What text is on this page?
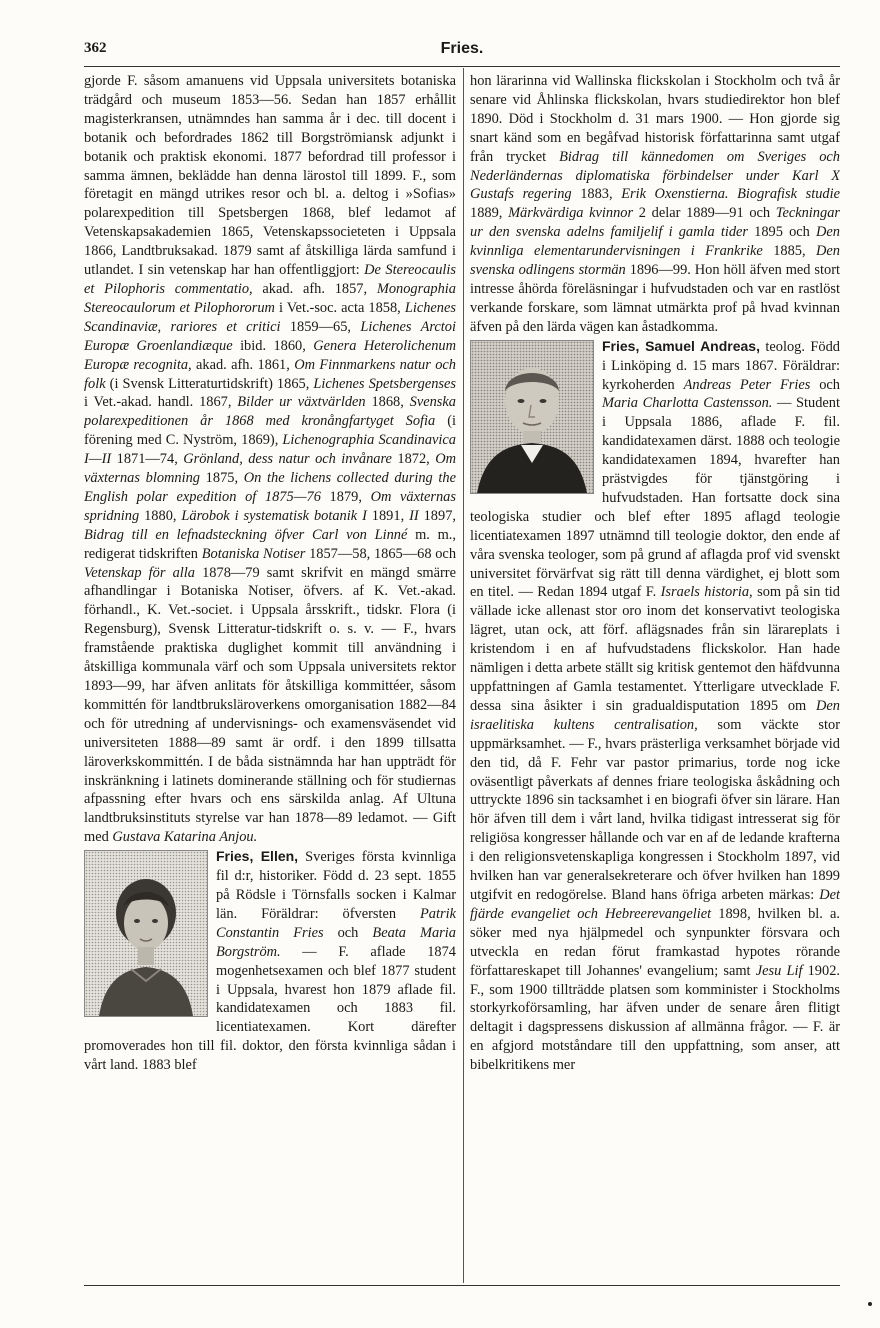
362	Fries.

gjorde F. såsom amanuens vid Uppsala universitets botaniska trädgård och museum 1853—56. Sedan han 1857 erhållit magisterkransen, utnämndes han samma år i dec. till docent i botanik och befordrades 1862 till Borgströmiansk adjunkt i botanik och praktisk ekonomi. 1877 befordrad till professor i samma ämnen, beklädde han denna lärostol till 1899. F., som företagit en mängd utrikes resor och bl. a. deltog i »Sofias» polarexpedition till Spetsbergen 1868, blef ledamot af Vetenskapsakademien 1865, Vetenskapssocieteten i Uppsala 1866, Landtbruksakad. 1879 samt af åtskilliga lärda samfund i utlandet. I sin vetenskap har han offentliggjort: De Stereocaulis et Pilophoris commentatio, akad. afh. 1857, Monographia Stereocaulorum et Pilophororum i Vet.-soc. acta 1858, Lichenes Scandinaviæ, rariores et critici 1859—65, Lichenes Arctoi Europæ Groenlandiæque ibid. 1860, Genera Heterolichenum Europæ recognita, akad. afh. 1861, Om Finnmarkens natur och folk (i Svensk Litteraturtidskrift) 1865, Lichenes Spetsbergenses i Vet.-akad. handl. 1867, Bilder ur växtvärlden 1868, Svenska polarexpeditionen år 1868 med kronångfartyget Sofia (i förening med C. Nyström, 1869), Lichenographia Scandinavica I—II 1871—74, Grönland, dess natur och invånare 1872, Om växternas blomning 1875, On the lichens collected during the English polar expedition of 1875—76 1879, Om växternas spridning 1880, Lärobok i systematisk botanik I 1891, II 1897, Bidrag till en lefnadsteckning öfver Carl von Linné m. m., redigerat tidskriften Botaniska Notiser 1857—58, 1865—68 och Vetenskap för alla 1878—79 samt skrifvit en mängd smärre afhandlingar i Botaniska Notiser, öfvers. af K. Vet.-akad. förhandl., K. Vet.-societ. i Uppsala årsskrift., tidskr. Flora (i Regensburg), Svensk Litteratur-tidskrift o. s. v. — F., hvars framstående praktiska duglighet kommit till användning i åtskilliga kommunala värf och som Uppsala universitets rektor 1893—99, har äfven anlitats för åtskilliga kommittéer, såsom kommittén för landtbruksläroverkens omorganisation 1882—84 och för utredning af undervisnings- och examensväsendet vid universiteten 1888—89 samt är ordf. i den 1899 tillsatta läroverkskommittén. I de båda sistnämnda har han uppträdt för inskränkning i latinets dominerande ställning och för studiernas afpassning efter hvars och ens särskilda anlag. Af Ultuna landtbruksinstituts styrelse var han 1878—89 ledamot. — Gift med Gustava Katarina Anjou.

Fries, Ellen, Sveriges första kvinnliga fil d:r, historiker. Född d. 23 sept. 1855 på Rödsle i Törnsfalls socken i Kalmar län. Föräldrar: öfversten Patrik Constantin Fries och Beata Maria Borgström. — F. aflade 1874 mogenhetsexamen och blef 1877 student i Uppsala, hvarest hon 1879 aflade fil. kandidatexamen och 1883 fil. licentiatexamen. Kort därefter promoverades hon till fil. doktor, den första kvinnliga sådan i vårt land. 1883 blef

hon lärarinna vid Wallinska flickskolan i Stockholm och två år senare vid Åhlinska flickskolan, hvars studiedirektor hon blef 1890. Död i Stockholm d. 31 mars 1900. — Hon gjorde sig snart känd som en begåfvad historisk författarinna samt utgaf från trycket Bidrag till kännedomen om Sveriges och Nederländernas diplomatiska förbindelser under Karl X Gustafs regering 1883, Erik Oxenstierna. Biografisk studie 1889, Märkvärdiga kvinnor 2 delar 1889—91 och Teckningar ur den svenska adelns familjelif i gamla tider 1895 och Den kvinnliga elementarundervisningen i Frankrike 1885, Den svenska odlingens stormän 1896—99. Hon höll äfven med stort intresse åhörda föreläsningar i hufvudstaden och var en rastlöst verkande forskare, som lämnat utmärkta prof på hvad kvinnan äfven på den lärda vägen kan åstadkomma.

Fries, Samuel Andreas, teolog. Född i Linköping d. 15 mars 1867. Föräldrar: kyrkoherden Andreas Peter Fries och Maria Charlotta Castensson. — Student i Uppsala 1886, aflade F. fil. kandidatexamen därst. 1888 och teologie kandidatexamen 1894, hvarefter han prästvigdes för tjänstgöring i hufvudstaden. Han fortsatte dock sina teologiska studier och blef efter 1895 aflagd teologie licentiatexamen 1897 utnämnd till teologie doktor, den ende af våra svenska teologer, som på grund af aflagda prof vid svenskt universitet förvärfvat sig rätt till denna värdighet, ej blott som en titel. — Redan 1894 utgaf F. Israels historia, som på sin tid vällade icke allenast stor oro inom det konservativt teologiska lägret, utan ock, att förf. aflägsnades från sin lärareplats i kristendom i en af hufvudstadens flickskolor. Han hade nämligen i detta arbete ställt sig kritisk gentemot den häfdvunna uppfattningen af Gamla testamentet. Ytterligare utvecklade F. dessa sina åsikter i sin gradualdisputation 1895 om Den israelitiska kultens centralisation, som väckte stor uppmärksamhet. — F., hvars prästerliga verksamhet började vid den tid, då F. Fehr var pastor primarius, torde nog icke oväsentligt påverkats af dennes friare teologiska åskådning och uttryckte 1896 sin tacksamhet i en biografi öfver sin lärare. Han hör äfven till dem i vårt land, hvilka tidigast intresserat sig för religiösa kongresser hållande och var en af de ledande krafterna i den religionsvetenskapliga kongressen i Stockholm 1897, vid hvilken han var generalsekreterare och öfver hvilken han 1899 utgifvit en redogörelse. Bland hans öfriga arbeten märkas: Det fjärde evangeliet och Hebreerevangeliet 1898, hvilken bl. a. söker med nya hjälpmedel och synpunkter försvara och utveckla en redan förut framkastad hypotes rörande författareskapet till Johannes' evangelium; samt Jesu Lif 1902. F., som 1900 tillträdde platsen som komminister i Stockholms storkyrkoförsamling, har äfven under de senare åren flitigt deltagit i dagspressens diskussion af allmänna frågor. — F. är en afgjord motståndare till den uppfattning, som anser, att bibelkritikens mer
